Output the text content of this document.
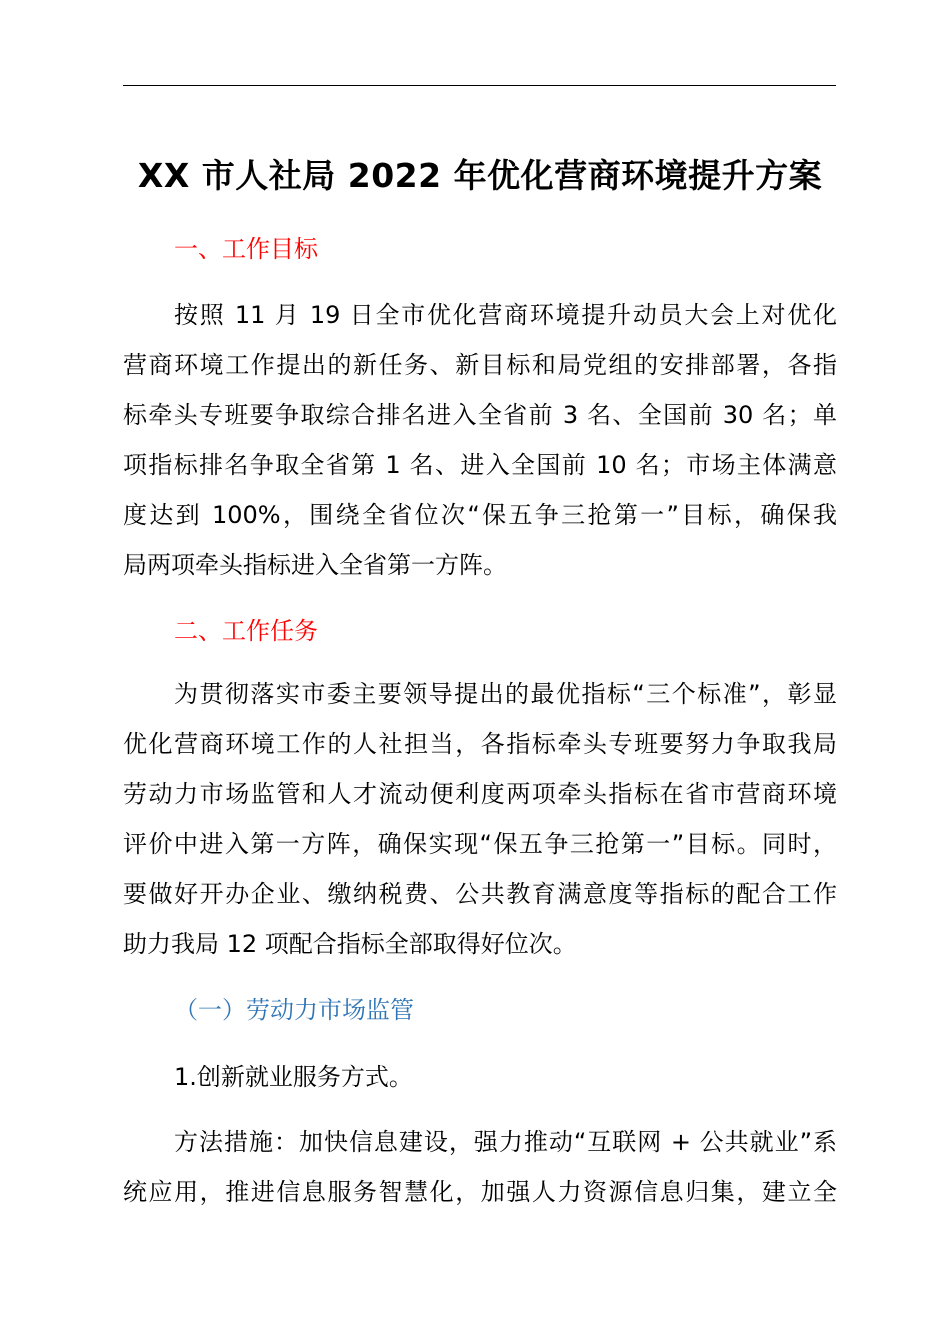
XX 市人社局 2022 年优化营商环境提升方案
一、工作目标
按照 11 月 19 日全市优化营商环境提升动员大会上对优化
营商环境工作提出的新任务、新目标和局党组的安排部署，各指
标牵头专班要争取综合排名进入全省前 3 名、全国前 30 名；单
项指标排名争取全省第 1 名、进入全国前 10 名；市场主体满意
度达到 100%，围绕全省位次“保五争三抢第一”目标，确保我
局两项牵头指标进入全省第一方阵。
二、工作任务
为贯彻落实市委主要领导提出的最优指标“三个标准”，彰显
优化营商环境工作的人社担当，各指标牵头专班要努力争取我局
劳动力市场监管和人才流动便利度两项牵头指标在省市营商环境
评价中进入第一方阵，确保实现“保五争三抢第一”目标。同时，
要做好开办企业、缴纳税费、公共教育满意度等指标的配合工作
助力我局 12 项配合指标全部取得好位次。
（一）劳动力市场监管
1.创新就业服务方式。
方法措施：加快信息建设，强力推动“互联网 + 公共就业”系
统应用，推进信息服务智慧化，加强人力资源信息归集，建立全
